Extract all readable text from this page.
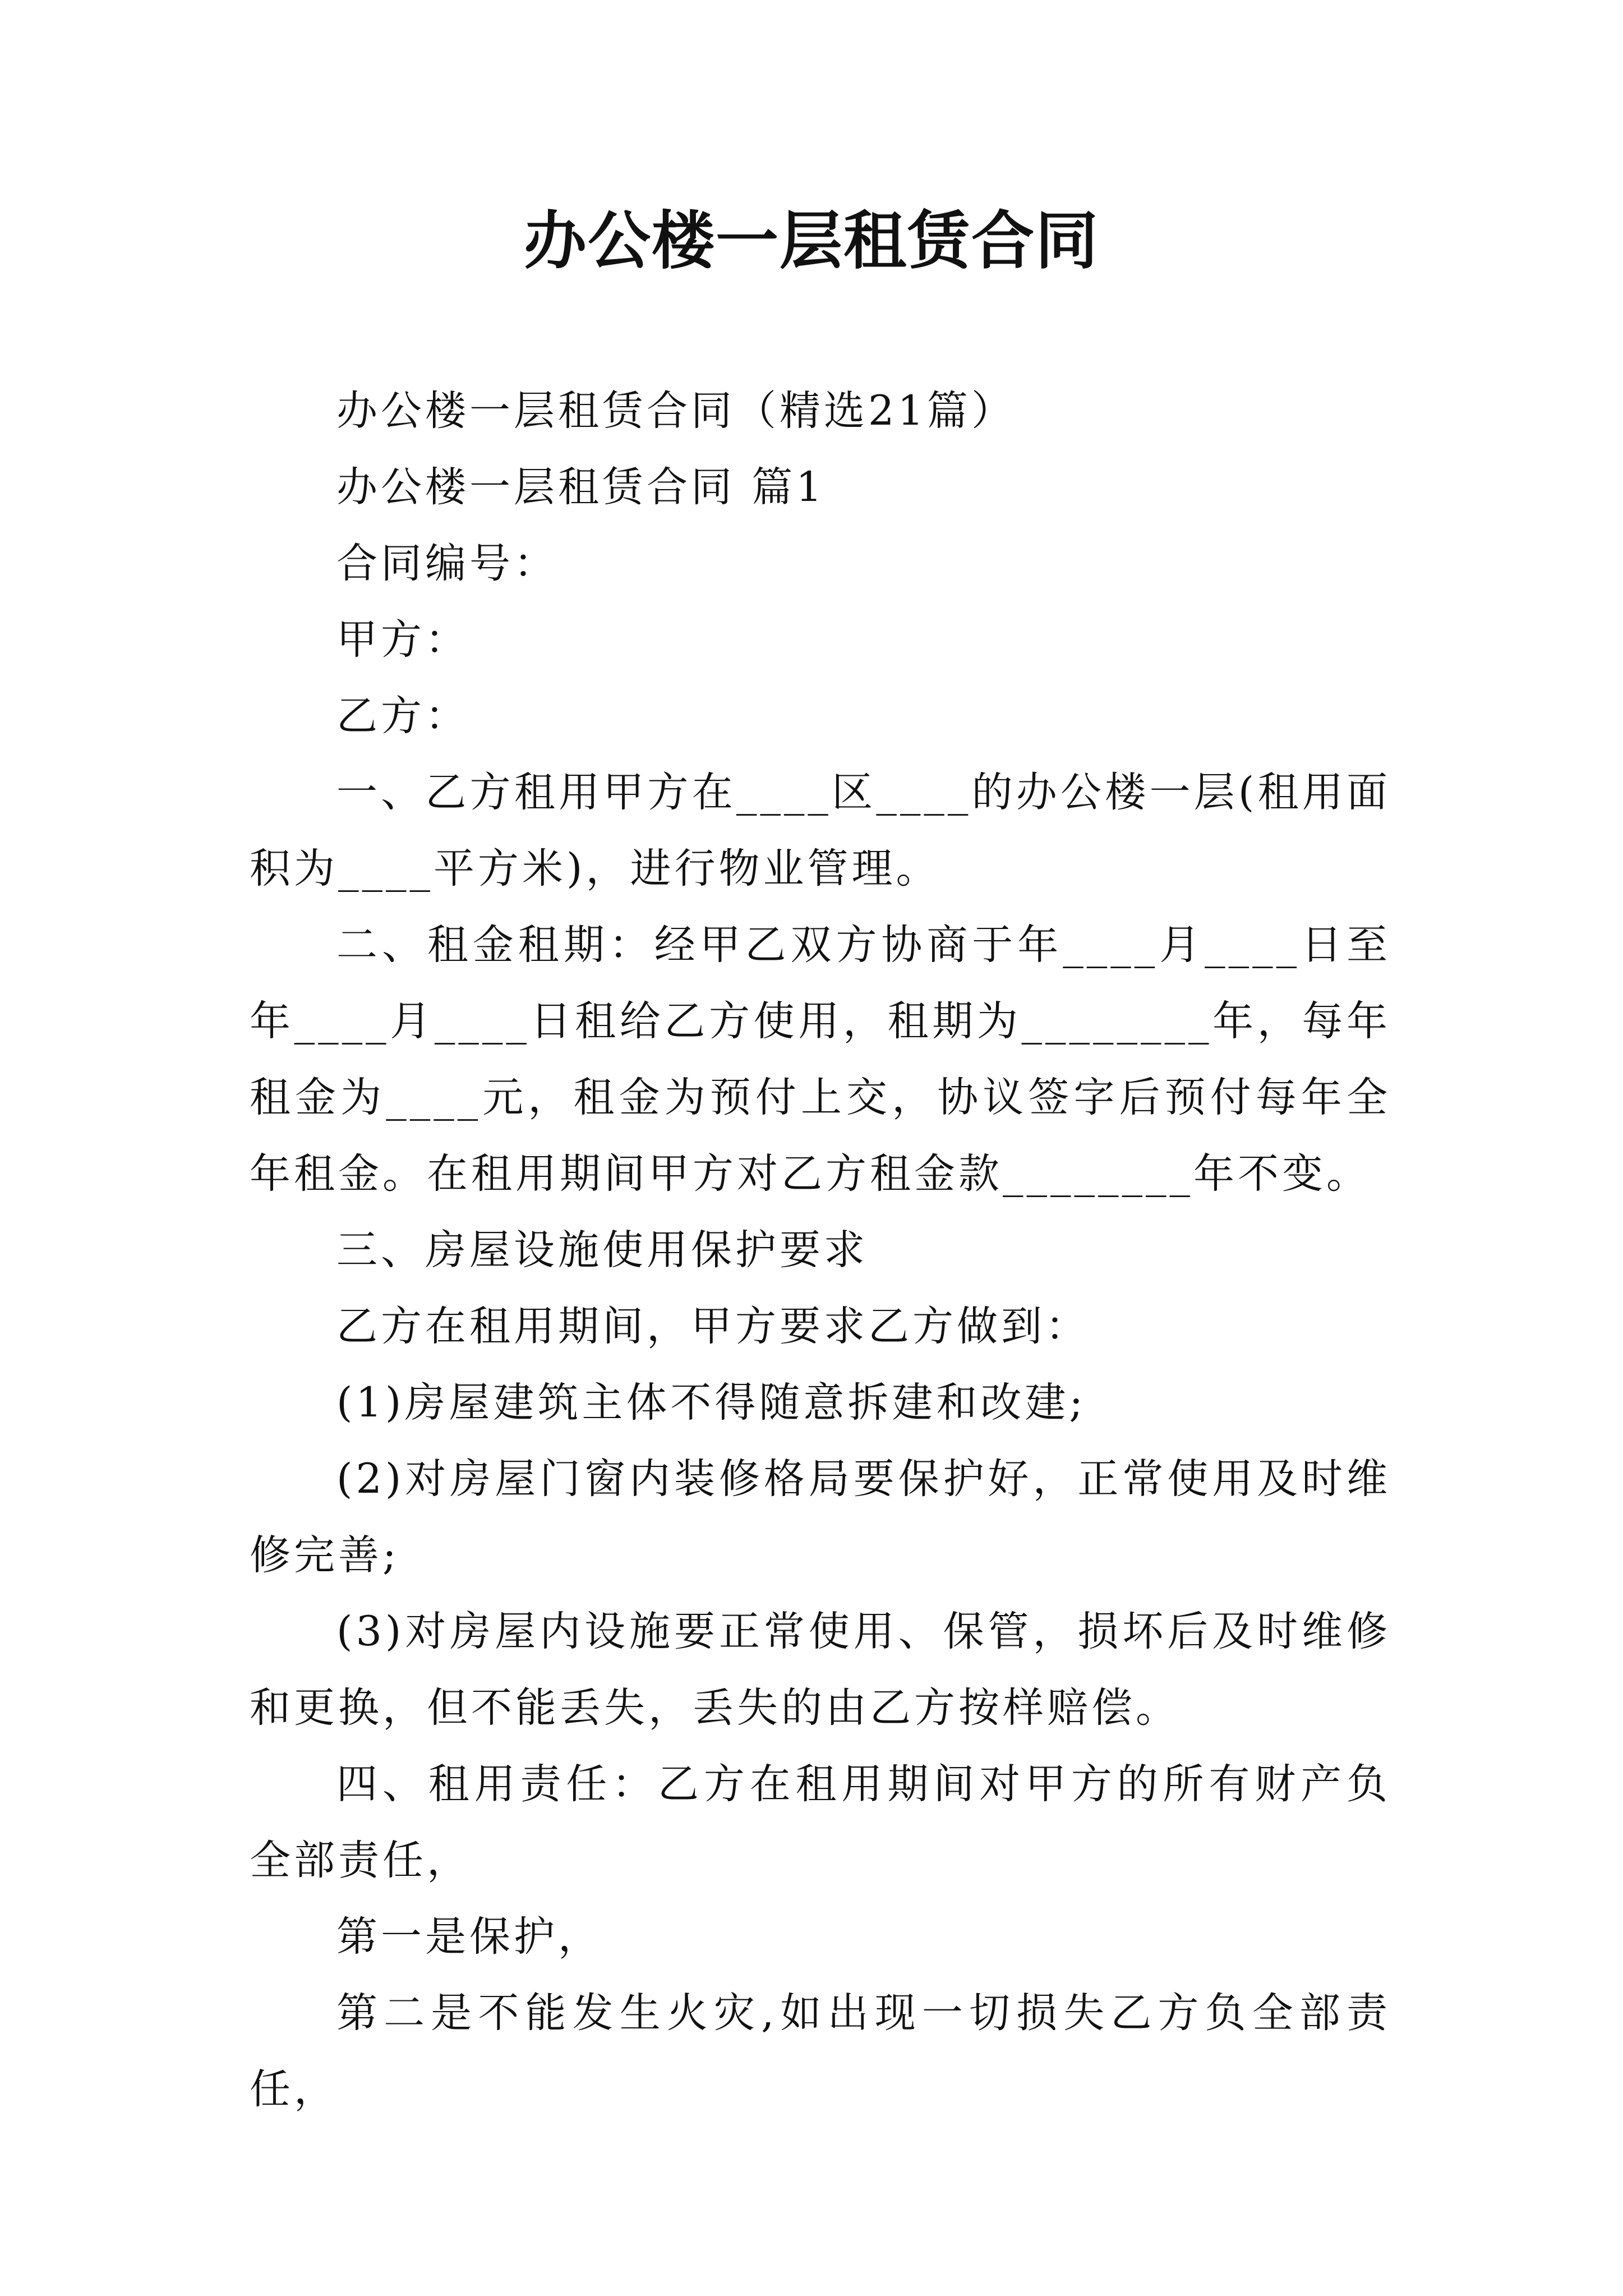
办公楼一层租赁合同

办公楼一层租赁合同（精选21篇）

办公楼一层租赁合同 篇1

合同编号：

甲方：

乙方：

一、乙方租用甲方在____区____的办公楼一层(租用面积为____平方米)，进行物业管理。

二、租金租期：经甲乙双方协商于年____月____日至年____月____日租给乙方使用，租期为________年，每年租金为____元，租金为预付上交，协议签字后预付每年全年租金。在租用期间甲方对乙方租金款________年不变。

三、房屋设施使用保护要求

乙方在租用期间，甲方要求乙方做到：

(1)房屋建筑主体不得随意拆建和改建;

(2)对房屋门窗内装修格局要保护好，正常使用及时维修完善;

(3)对房屋内设施要正常使用、保管，损坏后及时维修和更换，但不能丢失，丢失的由乙方按样赔偿。

四、租用责任：乙方在租用期间对甲方的所有财产负全部责任，

第一是保护，

第二是不能发生火灾,如出现一切损失乙方负全部责任，
